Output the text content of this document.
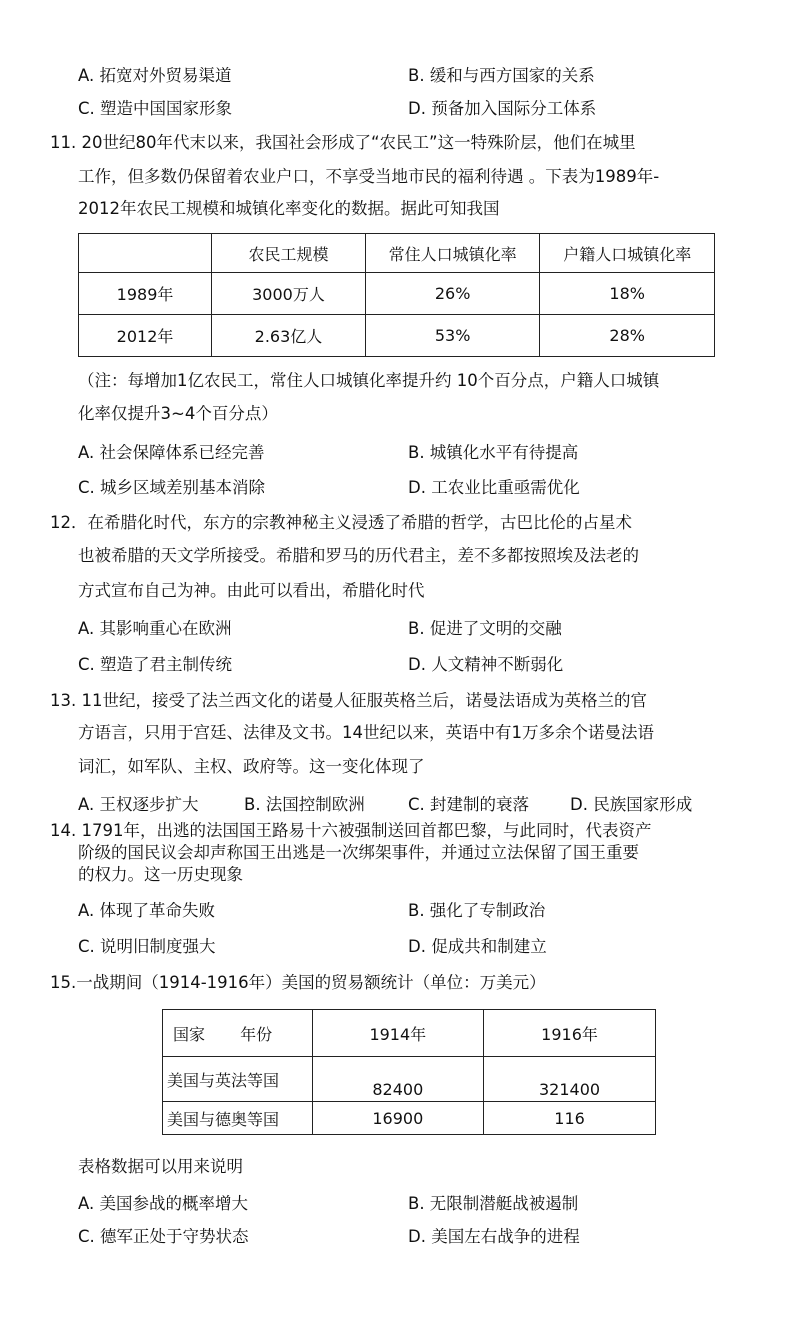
A. 拓宽对外贸易渠道	B. 缓和与西方国家的关系
C. 塑造中国国家形象	D. 预备加入国际分工体系
11. 20世纪80年代末以来，我国社会形成了“农民工”这一特殊阶层，他们在城里
工作，但多数仍保留着农业户口，不享受当地市民的福利待遇 。下表为1989年-
2012年农民工规模和城镇化率变化的数据。据此可知我国
	农民工规模	常住人口城镇化率	户籍人口城镇化率
1989年	3000万人	26%	18%
2012年	2.63亿人	53%	28%
（注：每增加1亿农民工，常住人口城镇化率提升约 10个百分点，户籍人口城镇
化率仅提升3~4个百分点）
A. 社会保障体系已经完善	B. 城镇化水平有待提高
C. 城乡区域差别基本消除	D. 工农业比重亟需优化
12．在希腊化时代，东方的宗教神秘主义浸透了希腊的哲学，古巴比伦的占星术
也被希腊的天文学所接受。希腊和罗马的历代君主，差不多都按照埃及法老的
方式宣布自己为神。由此可以看出，希腊化时代
A. 其影响重心在欧洲	B. 促进了文明的交融
C. 塑造了君主制传统	D. 人文精神不断弱化
13. 11世纪，接受了法兰西文化的诺曼人征服英格兰后，诺曼法语成为英格兰的官
方语言，只用于宫廷、法律及文书。14世纪以来，英语中有1万多余个诺曼法语
词汇，如军队、主权、政府等。这一变化体现了
A. 王权逐步扩大	B. 法国控制欧洲	C. 封建制的衰落 D. 民族国家形成
14. 1791年，出逃的法国国王路易十六被强制送回首都巴黎，与此同时，代表资产
阶级的国民议会却声称国王出逃是一次绑架事件，并通过立法保留了国王重要
的权力。这一历史现象
A. 体现了革命失败	B. 强化了专制政治
C. 说明旧制度强大	D. 促成共和制建立
15.一战期间（1914-1916年）美国的贸易额统计（单位：万美元）
国家 年份	1914年	1916年
美国与英法等国	82400	321400
美国与德奥等国	16900	116
表格数据可以用来说明
A. 美国参战的概率增大	B. 无限制潜艇战被遏制
C. 德军正处于守势状态	D. 美国左右战争的进程
